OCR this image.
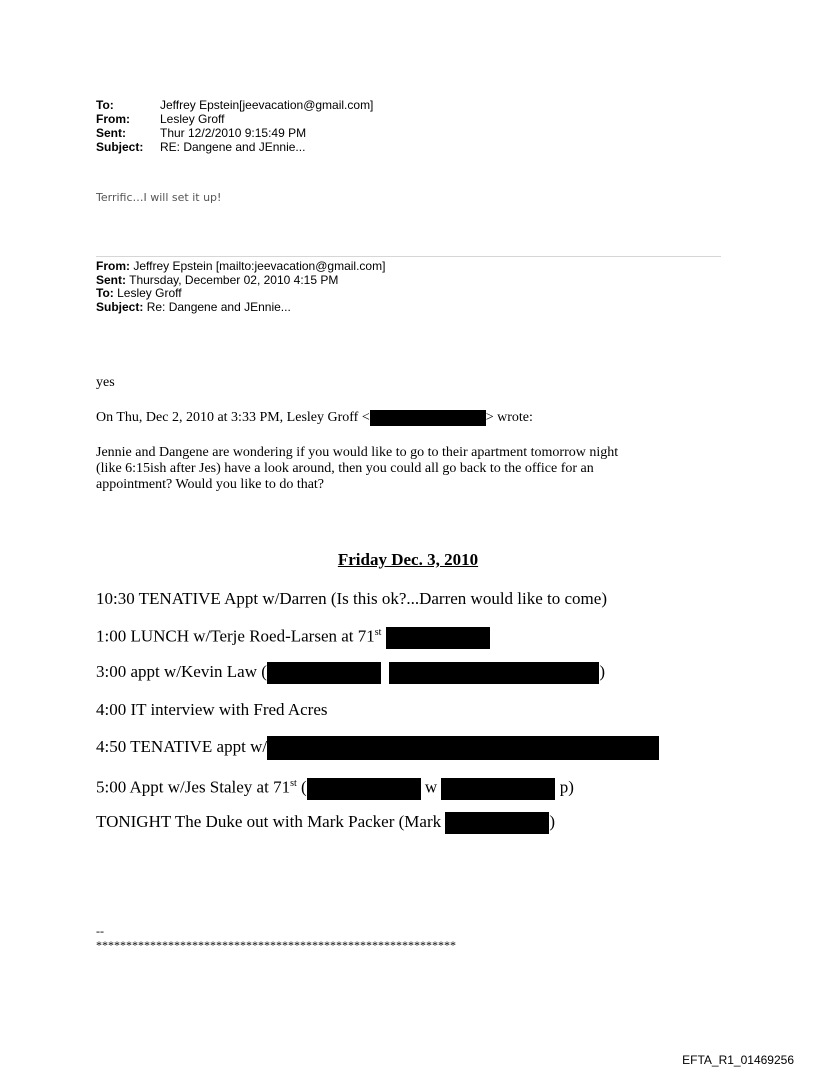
To:	Jeffrey Epstein[jeevacation@gmail.com]
From:	Lesley Groff
Sent:	Thur 12/2/2010 9:15:49 PM
Subject:	RE: Dangene and JEnnie...
Terrific…I will set it up!
From: Jeffrey Epstein [mailto:jeevacation@gmail.com]
Sent: Thursday, December 02, 2010 4:15 PM
To: Lesley Groff
Subject: Re: Dangene and JEnnie...
yes
On Thu, Dec 2, 2010 at 3:33 PM, Lesley Groff <	> wrote:
Jennie and Dangene are wondering if you would like to go to their apartment tomorrow night
(like 6:15ish after Jes) have a look around, then you could all go back to the office for an
appointment? Would you like to do that?
Friday Dec. 3, 2010
10:30 TENATIVE Appt w/Darren (Is this ok?...Darren would like to come)
1:00 LUNCH w/Terje Roed-Larsen at 71st
3:00 appt w/Kevin Law (	)
4:00 IT interview with Fred Acres
4:50 TENATIVE appt w/
5:00 Appt w/Jes Staley at 71st (	w	p)
TONIGHT The Duke out with Mark Packer (Mark	)
--
************************************************************
EFTA_R1_01469256
